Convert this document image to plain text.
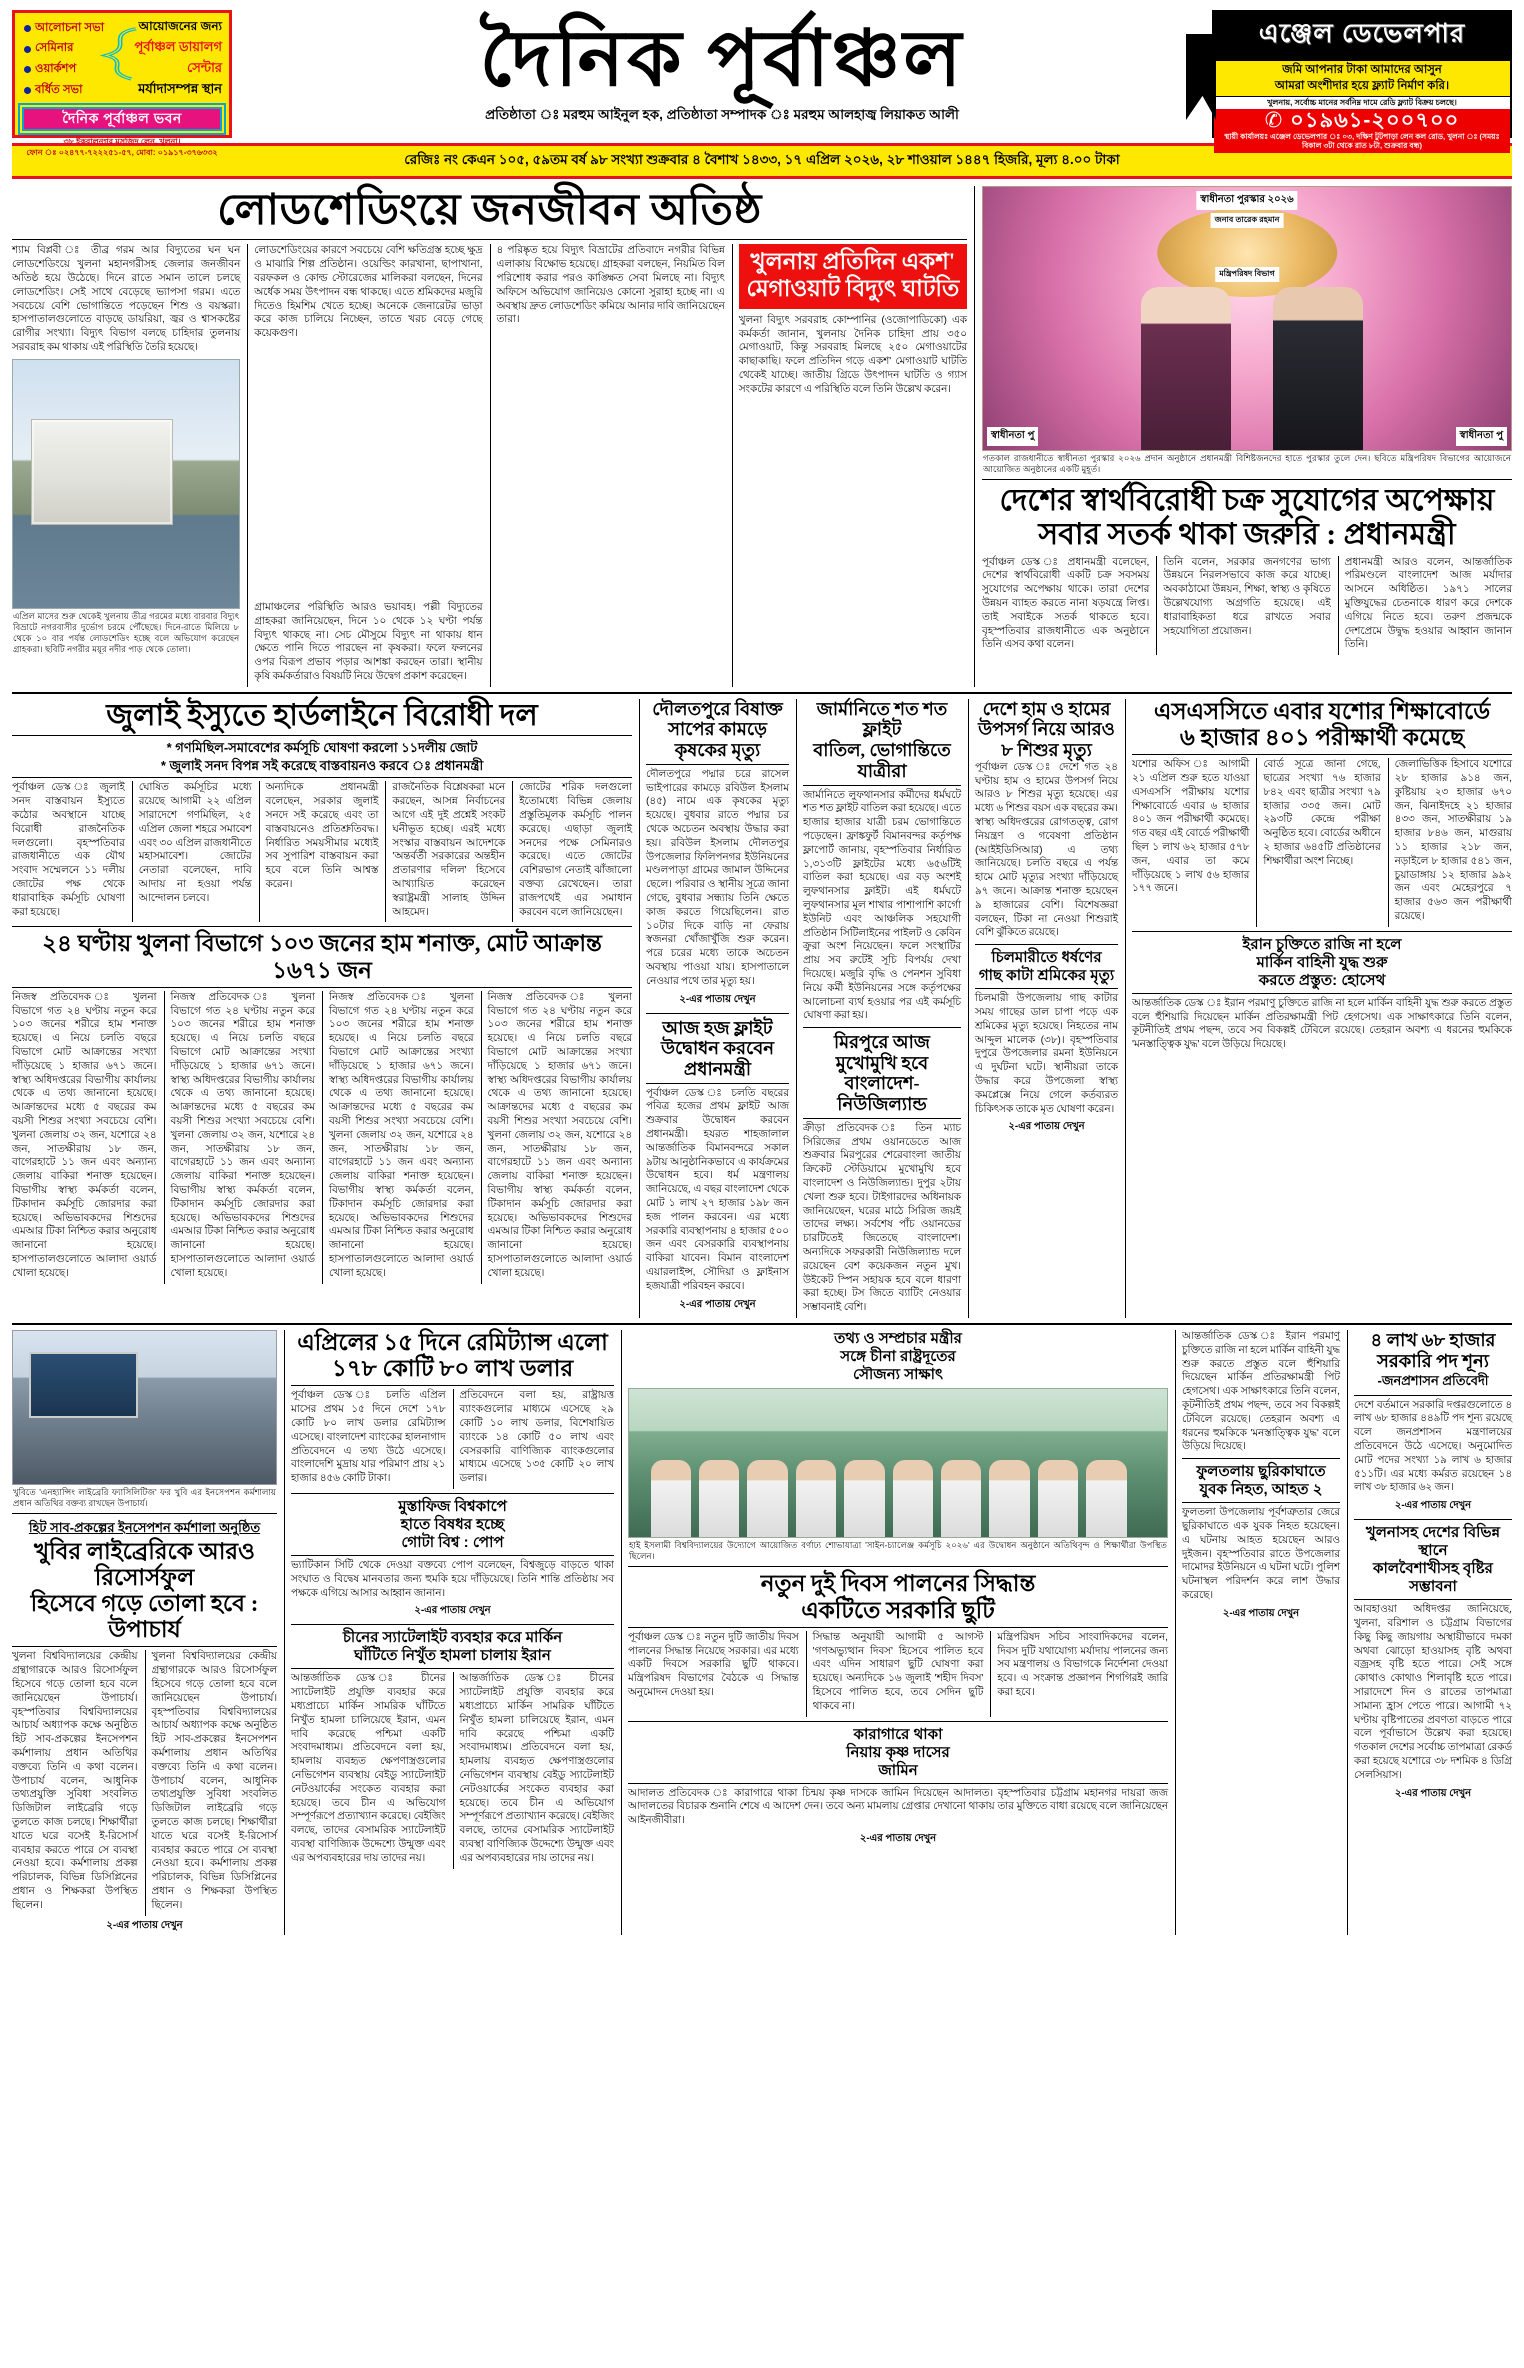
আলোচনা সভা
সেমিনার
ওয়ার্কশপ
বর্ধিত সভা
আয়োজনের জন্য
পূর্বাঞ্চল ডায়ালগ সেন্টার
মর্যাদাসম্পন্ন স্থান
দৈনিক পূর্বাঞ্চল ভবন
৩৮ ইকবালনগর মসজিদ লেন, খুলনা।
ফোন ঃ ০২৪৭৭-৭২২২৫১-৫৭, মোবা: ০১৯১৭-৩৭৬৩৩২
দৈনিক পূর্বাঞ্চল
প্রতিষ্ঠাতা ঃ মরহুম আইনুল হক, প্রতিষ্ঠাতা সম্পাদক ঃ মরহুম আলহাজ্ব লিয়াকত আলী
এঞ্জেল ডেভেলপার
জমি আপনার টাকা আমাদের আসুন
আমরা অংশীদার হয়ে ফ্ল্যাট নির্মাণ করি।
খুলনায়, সর্বোচ্চ মানের সর্বনিম্ন দামে রেডি ফ্ল্যাট বিক্রয় চলছে।
✆ ০১৯৬১-২০০৭০০
স্থায়ী কার্যালয়ঃ এঞ্জেল ডেভেলপার ঃ ০৩, দক্ষিণ টুটপাড়া লেন কল রোড, খুলনা ঃ (সময়ঃ বিকাল ৩টা থেকে রাত ৮টা, শুক্রবার বন্ধ)
রেজিঃ নং কেএন ১০৫, ৫৯তম বর্ষ ৯৮ সংখ্যা শুক্রবার ৪ বৈশাখ ১৪৩৩, ১৭ এপ্রিল ২০২৬, ২৮ শাওয়াল ১৪৪৭ হিজরি, মূল্য ৪.০০ টাকা
লোডশেডিংয়ে জনজীবন অতিষ্ঠ

শ্যাম বিপ্লবী ঃ তীব্র গরম আর বিদ্যুতের ঘন ঘন লোডশেডিংয়ে খুলনা মহানগরীসহ জেলার জনজীবন অতিষ্ঠ হয়ে উঠেছে। দিনে রাতে সমান তালে চলছে লোডশেডিং। সেই সাথে বেড়েছে ভ্যাপসা গরম। এতে সবচেয়ে বেশি ভোগান্তিতে পড়েছেন শিশু ও বয়স্করা। হাসপাতালগুলোতে বাড়ছে ডায়রিয়া, জ্বর ও শ্বাসকষ্টের রোগীর সংখ্যা। বিদ্যুৎ বিভাগ বলছে চাহিদার তুলনায় সরবরাহ কম থাকায় এই পরিস্থিতি তৈরি হয়েছে।

এপ্রিল মাসের শুরু থেকেই খুলনায় তীব্র গরমের মধ্যে বারবার বিদ্যুৎ বিভ্রাটে নগরবাসীর দুর্ভোগ চরমে পৌঁছেছে। দিনে-রাতে মিলিয়ে ৮ থেকে ১০ বার পর্যন্ত লোডশেডিং হচ্ছে বলে অভিযোগ করেছেন গ্রাহকরা। ছবিটি নগরীর ময়ূর নদীর পাড় থেকে তোলা।

লোডশেডিংয়ের কারণে সবচেয়ে বেশি ক্ষতিগ্রস্ত হচ্ছে ক্ষুদ্র ও মাঝারি শিল্প প্রতিষ্ঠান। ওয়েল্ডিং কারখানা, ছাপাখানা, বরফকল ও কোল্ড স্টোরেজের মালিকরা বলছেন, দিনের অর্ধেক সময় উৎপাদন বন্ধ থাকছে। এতে শ্রমিকদের মজুরি দিতেও হিমশিম খেতে হচ্ছে। অনেকে জেনারেটর ভাড়া করে কাজ চালিয়ে নিচ্ছেন, তাতে খরচ বেড়ে গেছে কয়েকগুণ।

গ্রামাঞ্চলের পরিস্থিতি আরও ভয়াবহ। পল্লী বিদ্যুতের গ্রাহকরা জানিয়েছেন, দিনে ১০ থেকে ১২ ঘণ্টা পর্যন্ত বিদ্যুৎ থাকছে না। সেচ মৌসুমে বিদ্যুৎ না থাকায় ধান ক্ষেতে পানি দিতে পারছেন না কৃষকরা। ফলে ফলনের ওপর বিরূপ প্রভাব পড়ার আশঙ্কা করছেন তারা। স্থানীয় কৃষি কর্মকর্তারাও বিষয়টি নিয়ে উদ্বেগ প্রকাশ করেছেন।

৪ পরিষ্কৃত হয়ে বিদ্যুৎ বিভ্রাটের প্রতিবাদে নগরীর বিভিন্ন এলাকায় বিক্ষোভ হয়েছে। গ্রাহকরা বলছেন, নিয়মিত বিল পরিশোধ করার পরও কাঙ্ক্ষিত সেবা মিলছে না। বিদ্যুৎ অফিসে অভিযোগ জানিয়েও কোনো সুরাহা হচ্ছে না। এ অবস্থায় দ্রুত লোডশেডিং কমিয়ে আনার দাবি জানিয়েছেন তারা।

খুলনায় প্রতিদিন একশ' মেগাওয়াট বিদ্যুৎ ঘাটতি

খুলনা বিদ্যুৎ সরবরাহ কোম্পানির (ওজোপাডিকো) এক কর্মকর্তা জানান, খুলনায় দৈনিক চাহিদা প্রায় ৩৫০ মেগাওয়াট, কিন্তু সরবরাহ মিলছে ২৫০ মেগাওয়াটের কাছাকাছি। ফলে প্রতিদিন গড়ে একশ' মেগাওয়াট ঘাটতি থেকেই যাচ্ছে। জাতীয় গ্রিডে উৎপাদন ঘাটতি ও গ্যাস সংকটের কারণে এ পরিস্থিতি বলে তিনি উল্লেখ করেন।

স্বাধীনতা পুরস্কার ২০২৬
জনাব তারেক রহমান
মন্ত্রিপরিষদ বিভাগ
স্বাধীনতা পু	স্বাধীনতা পু
গতকাল রাজধানীতে স্বাধীনতা পুরস্কার ২০২৬ প্রদান অনুষ্ঠানে প্রধানমন্ত্রী বিশিষ্টজনদের হাতে পুরস্কার তুলে দেন। ছবিতে মন্ত্রিপরিষদ বিভাগের আয়োজনে আয়োজিত অনুষ্ঠানের একটি মুহূর্ত।
দেশের স্বার্থবিরোধী চক্র সুযোগের অপেক্ষায়
সবার সতর্ক থাকা জরুরি : প্রধানমন্ত্রী

পূর্বাঞ্চল ডেস্ক ঃ প্রধানমন্ত্রী বলেছেন, দেশের স্বার্থবিরোধী একটি চক্র সবসময় সুযোগের অপেক্ষায় থাকে। তারা দেশের উন্নয়ন ব্যাহত করতে নানা ষড়যন্ত্রে লিপ্ত। তাই সবাইকে সতর্ক থাকতে হবে। বৃহস্পতিবার রাজধানীতে এক অনুষ্ঠানে তিনি এসব কথা বলেন।

তিনি বলেন, সরকার জনগণের ভাগ্য উন্নয়নে নিরলসভাবে কাজ করে যাচ্ছে। অবকাঠামো উন্নয়ন, শিক্ষা, স্বাস্থ্য ও কৃষিতে উল্লেখযোগ্য অগ্রগতি হয়েছে। এই ধারাবাহিকতা ধরে রাখতে সবার সহযোগিতা প্রয়োজন।

প্রধানমন্ত্রী আরও বলেন, আন্তর্জাতিক পরিমণ্ডলে বাংলাদেশ আজ মর্যাদার আসনে অধিষ্ঠিত। ১৯৭১ সালের মুক্তিযুদ্ধের চেতনাকে ধারণ করে দেশকে এগিয়ে নিতে হবে। তরুণ প্রজন্মকে দেশপ্রেমে উদ্বুদ্ধ হওয়ার আহ্বান জানান তিনি।

জুলাই ইস্যুতে হার্ডলাইনে বিরোধী দল
* গণমিছিল-সমাবেশের কর্মসূচি ঘোষণা করলো ১১দলীয় জোট
* জুলাই সনদ বিপন্ন সই করেছে বাস্তবায়নও করবে ঃ প্রধানমন্ত্রী

পূর্বাঞ্চল ডেস্ক ঃ জুলাই সনদ বাস্তবায়ন ইস্যুতে কঠোর অবস্থানে যাচ্ছে বিরোধী রাজনৈতিক দলগুলো। বৃহস্পতিবার রাজধানীতে এক যৌথ সংবাদ সম্মেলনে ১১ দলীয় জোটের পক্ষ থেকে ধারাবাহিক কর্মসূচি ঘোষণা করা হয়েছে।

ঘোষিত কর্মসূচির মধ্যে রয়েছে আগামী ২২ এপ্রিল সারাদেশে গণমিছিল, ২৫ এপ্রিল জেলা শহরে সমাবেশ এবং ৩০ এপ্রিল রাজধানীতে মহাসমাবেশ। জোটের নেতারা বলেছেন, দাবি আদায় না হওয়া পর্যন্ত আন্দোলন চলবে।

অন্যদিকে প্রধানমন্ত্রী বলেছেন, সরকার জুলাই সনদে সই করেছে এবং তা বাস্তবায়নেও প্রতিশ্রুতিবদ্ধ। নির্ধারিত সময়সীমার মধ্যেই সব সুপারিশ বাস্তবায়ন করা হবে বলে তিনি আশ্বস্ত করেন।

রাজনৈতিক বিশ্লেষকরা মনে করছেন, আসন্ন নির্বাচনের আগে এই দুই প্রশ্নেই সংকট ঘনীভূত হচ্ছে। এরই মধ্যে সংস্কার বাস্তবায়ন আদেশকে 'অন্তর্বর্তী সরকারের অন্তহীন প্রতারণার দলিল' হিসেবে আখ্যায়িত করেছেন স্বরাষ্ট্রমন্ত্রী সালাহ উদ্দিন আহমেদ।

জোটের শরিক দলগুলো ইতোমধ্যে বিভিন্ন জেলায় প্রস্তুতিমূলক কর্মসূচি পালন করেছে। এছাড়া জুলাই সনদের পক্ষে সেমিনারও করেছে। এতে জোটের বেশিরভাগ নেতাই ঝাঁজালো বক্তব্য রেখেছেন। তারা রাজপথেই এর সমাধান করবেন বলে জানিয়েছেন।

২৪ ঘণ্টায় খুলনা বিভাগে ১০৩ জনের হাম শনাক্ত, মোট আক্রান্ত ১৬৭১ জন

নিজস্ব প্রতিবেদক ঃ খুলনা বিভাগে গত ২৪ ঘণ্টায় নতুন করে ১০৩ জনের শরীরে হাম শনাক্ত হয়েছে। এ নিয়ে চলতি বছরে বিভাগে মোট আক্রান্তের সংখ্যা দাঁড়িয়েছে ১ হাজার ৬৭১ জনে। স্বাস্থ্য অধিদপ্তরের বিভাগীয় কার্যালয় থেকে এ তথ্য জানানো হয়েছে। আক্রান্তদের মধ্যে ৫ বছরের কম বয়সী শিশুর সংখ্যা সবচেয়ে বেশি। খুলনা জেলায় ৩২ জন, যশোরে ২৪ জন, সাতক্ষীরায় ১৮ জন, বাগেরহাটে ১১ জন এবং অন্যান্য জেলায় বাকিরা শনাক্ত হয়েছেন। বিভাগীয় স্বাস্থ্য কর্মকর্তা বলেন, টিকাদান কর্মসূচি জোরদার করা হয়েছে। অভিভাবকদের শিশুদের এমআর টিকা নিশ্চিত করার অনুরোধ জানানো হয়েছে। হাসপাতালগুলোতে আলাদা ওয়ার্ড খোলা হয়েছে।

নিজস্ব প্রতিবেদক ঃ খুলনা বিভাগে গত ২৪ ঘণ্টায় নতুন করে ১০৩ জনের শরীরে হাম শনাক্ত হয়েছে। এ নিয়ে চলতি বছরে বিভাগে মোট আক্রান্তের সংখ্যা দাঁড়িয়েছে ১ হাজার ৬৭১ জনে। স্বাস্থ্য অধিদপ্তরের বিভাগীয় কার্যালয় থেকে এ তথ্য জানানো হয়েছে। আক্রান্তদের মধ্যে ৫ বছরের কম বয়সী শিশুর সংখ্যা সবচেয়ে বেশি। খুলনা জেলায় ৩২ জন, যশোরে ২৪ জন, সাতক্ষীরায় ১৮ জন, বাগেরহাটে ১১ জন এবং অন্যান্য জেলায় বাকিরা শনাক্ত হয়েছেন। বিভাগীয় স্বাস্থ্য কর্মকর্তা বলেন, টিকাদান কর্মসূচি জোরদার করা হয়েছে। অভিভাবকদের শিশুদের এমআর টিকা নিশ্চিত করার অনুরোধ জানানো হয়েছে। হাসপাতালগুলোতে আলাদা ওয়ার্ড খোলা হয়েছে।

নিজস্ব প্রতিবেদক ঃ খুলনা বিভাগে গত ২৪ ঘণ্টায় নতুন করে ১০৩ জনের শরীরে হাম শনাক্ত হয়েছে। এ নিয়ে চলতি বছরে বিভাগে মোট আক্রান্তের সংখ্যা দাঁড়িয়েছে ১ হাজার ৬৭১ জনে। স্বাস্থ্য অধিদপ্তরের বিভাগীয় কার্যালয় থেকে এ তথ্য জানানো হয়েছে। আক্রান্তদের মধ্যে ৫ বছরের কম বয়সী শিশুর সংখ্যা সবচেয়ে বেশি। খুলনা জেলায় ৩২ জন, যশোরে ২৪ জন, সাতক্ষীরায় ১৮ জন, বাগেরহাটে ১১ জন এবং অন্যান্য জেলায় বাকিরা শনাক্ত হয়েছেন। বিভাগীয় স্বাস্থ্য কর্মকর্তা বলেন, টিকাদান কর্মসূচি জোরদার করা হয়েছে। অভিভাবকদের শিশুদের এমআর টিকা নিশ্চিত করার অনুরোধ জানানো হয়েছে। হাসপাতালগুলোতে আলাদা ওয়ার্ড খোলা হয়েছে।

নিজস্ব প্রতিবেদক ঃ খুলনা বিভাগে গত ২৪ ঘণ্টায় নতুন করে ১০৩ জনের শরীরে হাম শনাক্ত হয়েছে। এ নিয়ে চলতি বছরে বিভাগে মোট আক্রান্তের সংখ্যা দাঁড়িয়েছে ১ হাজার ৬৭১ জনে। স্বাস্থ্য অধিদপ্তরের বিভাগীয় কার্যালয় থেকে এ তথ্য জানানো হয়েছে। আক্রান্তদের মধ্যে ৫ বছরের কম বয়সী শিশুর সংখ্যা সবচেয়ে বেশি। খুলনা জেলায় ৩২ জন, যশোরে ২৪ জন, সাতক্ষীরায় ১৮ জন, বাগেরহাটে ১১ জন এবং অন্যান্য জেলায় বাকিরা শনাক্ত হয়েছেন। বিভাগীয় স্বাস্থ্য কর্মকর্তা বলেন, টিকাদান কর্মসূচি জোরদার করা হয়েছে। অভিভাবকদের শিশুদের এমআর টিকা নিশ্চিত করার অনুরোধ জানানো হয়েছে। হাসপাতালগুলোতে আলাদা ওয়ার্ড খোলা হয়েছে।

দৌলতপুরে বিষাক্ত সাপের কামড়ে কৃষকের মৃত্যু

দৌলতপুরে পদ্মার চরে রাসেল ভাইপারের কামড়ে রবিউল ইসলাম (৪৫) নামে এক কৃষকের মৃত্যু হয়েছে। বুধবার রাতে পদ্মার চর থেকে অচেতন অবস্থায় উদ্ধার করা হয়। রবিউল ইসলাম দৌলতপুর উপজেলার ফিলিপনগর ইউনিয়নের মণ্ডলপাড়া গ্রামের জামাল উদ্দিনের ছেলে। পরিবার ও স্থানীয় সূত্রে জানা গেছে, বুধবার সন্ধ্যায় তিনি ক্ষেতে কাজ করতে গিয়েছিলেন। রাত ১০টার দিকে বাড়ি না ফেরায় স্বজনরা খোঁজাখুঁজি শুরু করেন। পরে চরের মধ্যে তাকে অচেতন অবস্থায় পাওয়া যায়। হাসপাতালে নেওয়ার পথে তার মৃত্যু হয়।

২-এর পাতায় দেখুন
আজ হজ ফ্লাইট উদ্বোধন করবেন প্রধানমন্ত্রী

পূর্বাঞ্চল ডেস্ক ঃ চলতি বছরের পবিত্র হজের প্রথম ফ্লাইট আজ শুক্রবার উদ্বোধন করবেন প্রধানমন্ত্রী। হযরত শাহজালাল আন্তর্জাতিক বিমানবন্দরে সকাল ৯টায় আনুষ্ঠানিকভাবে এ কার্যক্রমের উদ্বোধন হবে। ধর্ম মন্ত্রণালয় জানিয়েছে, এ বছর বাংলাদেশ থেকে মোট ১ লাখ ২৭ হাজার ১৯৮ জন হজ পালন করবেন। এর মধ্যে সরকারি ব্যবস্থাপনায় ৪ হাজার ৫০০ জন এবং বেসরকারি ব্যবস্থাপনায় বাকিরা যাবেন। বিমান বাংলাদেশ এয়ারলাইন্স, সৌদিয়া ও ফ্লাইনাস হজযাত্রী পরিবহন করবে।

২-এর পাতায় দেখুন
জার্মানিতে শত শত ফ্লাইট
বাতিল, ভোগান্তিতে যাত্রীরা

জার্মানিতে লুফথানসার কর্মীদের ধর্মঘটে শত শত ফ্লাইট বাতিল করা হয়েছে। এতে হাজার হাজার যাত্রী চরম ভোগান্তিতে পড়েছেন। ফ্রাঙ্কফুর্ট বিমানবন্দর কর্তৃপক্ষ ফ্লাপোর্ট জানায়, বৃহস্পতিবার নির্ধারিত ১,৩১৩টি ফ্লাইটের মধ্যে ৬৫৬টিই বাতিল করা হয়েছে। এর বড় অংশই লুফথানসার ফ্লাইট। এই ধর্মঘটে লুফথানসার মূল শাখার পাশাপাশি কার্গো ইউনিট এবং আঞ্চলিক সহযোগী প্রতিষ্ঠান সিটিলাইনের পাইলট ও কেবিন ক্রুরা অংশ নিয়েছেন। ফলে সংস্থাটির প্রায় সব রুটেই সূচি বিপর্যয় দেখা দিয়েছে। মজুরি বৃদ্ধি ও পেনশন সুবিধা নিয়ে কর্মী ইউনিয়নের সঙ্গে কর্তৃপক্ষের আলোচনা ব্যর্থ হওয়ার পর এই কর্মসূচি ঘোষণা করা হয়।

মিরপুরে আজ মুখোমুখি হবে
বাংলাদেশ-নিউজিল্যান্ড

ক্রীড়া প্রতিবেদক ঃ তিন ম্যাচ সিরিজের প্রথম ওয়ানডেতে আজ শুক্রবার মিরপুরের শেরেবাংলা জাতীয় ক্রিকেট স্টেডিয়ামে মুখোমুখি হবে বাংলাদেশ ও নিউজিল্যান্ড। দুপুর ২টায় খেলা শুরু হবে। টাইগারদের অধিনায়ক জানিয়েছেন, ঘরের মাঠে সিরিজ জয়ই তাদের লক্ষ্য। সর্বশেষ পাঁচ ওয়ানডের চারটিতেই জিতেছে বাংলাদেশ। অন্যদিকে সফরকারী নিউজিল্যান্ড দলে রয়েছেন বেশ কয়েকজন নতুন মুখ। উইকেট স্পিন সহায়ক হবে বলে ধারণা করা হচ্ছে। টস জিতে ব্যাটিং নেওয়ার সম্ভাবনাই বেশি।

দেশে হাম ও হামের
উপসর্গ নিয়ে আরও
৮ শিশুর মৃত্যু

পূর্বাঞ্চল ডেস্ক ঃ দেশে গত ২৪ ঘণ্টায় হাম ও হামের উপসর্গ নিয়ে আরও ৮ শিশুর মৃত্যু হয়েছে। এর মধ্যে ৬ শিশুর বয়স এক বছরের কম। স্বাস্থ্য অধিদপ্তরের রোগতত্ত্ব, রোগ নিয়ন্ত্রণ ও গবেষণা প্রতিষ্ঠান (আইইডিসিআর) এ তথ্য জানিয়েছে। চলতি বছরে এ পর্যন্ত হামে মোট মৃত্যুর সংখ্যা দাঁড়িয়েছে ৯৭ জনে। আক্রান্ত শনাক্ত হয়েছেন ৯ হাজারের বেশি। বিশেষজ্ঞরা বলছেন, টিকা না নেওয়া শিশুরাই বেশি ঝুঁকিতে রয়েছে।

চিলমারীতে ধর্ষণের
গাছ কাটা শ্রমিকের মৃত্যু

চিলমারী উপজেলায় গাছ কাটার সময় গাছের ডাল চাপা পড়ে এক শ্রমিকের মৃত্যু হয়েছে। নিহতের নাম আব্দুল মালেক (৩৮)। বৃহস্পতিবার দুপুরে উপজেলার রমনা ইউনিয়নে এ দুর্ঘটনা ঘটে। স্থানীয়রা তাকে উদ্ধার করে উপজেলা স্বাস্থ্য কমপ্লেক্সে নিয়ে গেলে কর্তব্যরত চিকিৎসক তাকে মৃত ঘোষণা করেন।

২-এর পাতায় দেখুন
এসএসসিতে এবার যশোর শিক্ষাবোর্ডে
৬ হাজার ৪০১ পরীক্ষার্থী কমেছে

যশোর অফিস ঃ আগামী ২১ এপ্রিল শুরু হতে যাওয়া এসএসসি পরীক্ষায় যশোর শিক্ষাবোর্ডে এবার ৬ হাজার ৪০১ জন পরীক্ষার্থী কমেছে। গত বছর এই বোর্ডে পরীক্ষার্থী ছিল ১ লাখ ৬২ হাজার ৫৭৮ জন, এবার তা কমে দাঁড়িয়েছে ১ লাখ ৫৬ হাজার ১৭৭ জনে।

বোর্ড সূত্রে জানা গেছে, ছাত্রের সংখ্যা ৭৬ হাজার ৮৪২ এবং ছাত্রীর সংখ্যা ৭৯ হাজার ৩৩৫ জন। মোট ২৯৩টি কেন্দ্রে পরীক্ষা অনুষ্ঠিত হবে। বোর্ডের অধীনে ২ হাজার ৬৪৫টি প্রতিষ্ঠানের শিক্ষার্থীরা অংশ নিচ্ছে।

জেলাভিত্তিক হিসাবে যশোরে ২৮ হাজার ৯১৪ জন, কুষ্টিয়ায় ২৩ হাজার ৬৭০ জন, ঝিনাইদহে ২১ হাজার ৪৩৩ জন, সাতক্ষীরায় ১৯ হাজার ৮৪৬ জন, মাগুরায় ১১ হাজার ২১৮ জন, নড়াইলে ৮ হাজার ৫৪১ জন, চুয়াডাঙ্গায় ১২ হাজার ৯৯২ জন এবং মেহেরপুরে ৭ হাজার ৫৬৩ জন পরীক্ষার্থী রয়েছে।

ইরান চুক্তিতে রাজি না হলে
মার্কিন বাহিনী যুদ্ধ শুরু
করতে প্রস্তুত: হোসেথ

আন্তর্জাতিক ডেস্ক ঃ ইরান পরমাণু চুক্তিতে রাজি না হলে মার্কিন বাহিনী যুদ্ধ শুরু করতে প্রস্তুত বলে হুঁশিয়ারি দিয়েছেন মার্কিন প্রতিরক্ষামন্ত্রী পিট হেগসেথ। এক সাক্ষাৎকারে তিনি বলেন, কূটনীতিই প্রথম পছন্দ, তবে সব বিকল্পই টেবিলে রয়েছে। তেহরান অবশ্য এ ধরনের হুমকিকে 'মনস্তাত্ত্বিক যুদ্ধ' বলে উড়িয়ে দিয়েছে।

খুবিতে 'এনহ্যান্সিং লাইব্রেরি ফ্যাসিলিটিজ' ফর খুবি এর ইনসেপশন কর্মশালায় প্রধান অতিথির বক্তব্য রাখছেন উপাচার্য।
হিট সাব-প্রকল্পের ইনসেপশন কর্মশালা অনুষ্ঠিত
খুবির লাইব্রেরিকে আরও রিসোর্সফুল
হিসেবে গড়ে তোলা হবে : উপাচার্য

খুলনা বিশ্ববিদ্যালয়ের কেন্দ্রীয় গ্রন্থাগারকে আরও রিসোর্সফুল হিসেবে গড়ে তোলা হবে বলে জানিয়েছেন উপাচার্য। বৃহস্পতিবার বিশ্ববিদ্যালয়ের আচার্য অধ্যাপক কক্ষে অনুষ্ঠিত হিট সাব-প্রকল্পের ইনসেপশন কর্মশালায় প্রধান অতিথির বক্তব্যে তিনি এ কথা বলেন। উপাচার্য বলেন, আধুনিক তথ্যপ্রযুক্তি সুবিধা সংবলিত ডিজিটাল লাইব্রেরি গড়ে তুলতে কাজ চলছে। শিক্ষার্থীরা যাতে ঘরে বসেই ই-রিসোর্স ব্যবহার করতে পারে সে ব্যবস্থা নেওয়া হবে। কর্মশালায় প্রকল্প পরিচালক, বিভিন্ন ডিসিপ্লিনের প্রধান ও শিক্ষকরা উপস্থিত ছিলেন।

খুলনা বিশ্ববিদ্যালয়ের কেন্দ্রীয় গ্রন্থাগারকে আরও রিসোর্সফুল হিসেবে গড়ে তোলা হবে বলে জানিয়েছেন উপাচার্য। বৃহস্পতিবার বিশ্ববিদ্যালয়ের আচার্য অধ্যাপক কক্ষে অনুষ্ঠিত হিট সাব-প্রকল্পের ইনসেপশন কর্মশালায় প্রধান অতিথির বক্তব্যে তিনি এ কথা বলেন। উপাচার্য বলেন, আধুনিক তথ্যপ্রযুক্তি সুবিধা সংবলিত ডিজিটাল লাইব্রেরি গড়ে তুলতে কাজ চলছে। শিক্ষার্থীরা যাতে ঘরে বসেই ই-রিসোর্স ব্যবহার করতে পারে সে ব্যবস্থা নেওয়া হবে। কর্মশালায় প্রকল্প পরিচালক, বিভিন্ন ডিসিপ্লিনের প্রধান ও শিক্ষকরা উপস্থিত ছিলেন।

২-এর পাতায় দেখুন
এপ্রিলের ১৫ দিনে রেমিট্যান্স এলো
১৭৮ কোটি ৮০ লাখ ডলার

পূর্বাঞ্চল ডেস্ক ঃ চলতি এপ্রিল মাসের প্রথম ১৫ দিনে দেশে ১৭৮ কোটি ৮০ লাখ ডলার রেমিট্যান্স এসেছে। বাংলাদেশ ব্যাংকের হালনাগাদ প্রতিবেদনে এ তথ্য উঠে এসেছে। বাংলাদেশি মুদ্রায় যার পরিমাণ প্রায় ২১ হাজার ৪৫৬ কোটি টাকা।

প্রতিবেদনে বলা হয়, রাষ্ট্রায়ত্ত ব্যাংকগুলোর মাধ্যমে এসেছে ২৯ কোটি ১০ লাখ ডলার, বিশেষায়িত ব্যাংকে ১৪ কোটি ৫০ লাখ এবং বেসরকারি বাণিজ্যিক ব্যাংকগুলোর মাধ্যমে এসেছে ১৩৫ কোটি ২০ লাখ ডলার।

মুস্তাফিজ বিশ্বকাপে
হাতে বিষধর হচ্ছে
গোটা বিশ্ব : পোপ

ভ্যাটিকান সিটি থেকে দেওয়া বক্তব্যে পোপ বলেছেন, বিশ্বজুড়ে বাড়তে থাকা সংঘাত ও বিদ্বেষ মানবতার জন্য হুমকি হয়ে দাঁড়িয়েছে। তিনি শান্তি প্রতিষ্ঠায় সব পক্ষকে এগিয়ে আসার আহ্বান জানান।

২-এর পাতায় দেখুন
চীনের স্যাটেলাইট ব্যবহার করে মার্কিন
ঘাঁটিতে নিখুঁত হামলা চালায় ইরান

আন্তর্জাতিক ডেস্ক ঃ চীনের স্যাটেলাইট প্রযুক্তি ব্যবহার করে মধ্যপ্রাচ্যে মার্কিন সামরিক ঘাঁটিতে নিখুঁত হামলা চালিয়েছে ইরান, এমন দাবি করেছে পশ্চিমা একটি সংবাদমাধ্যম। প্রতিবেদনে বলা হয়, হামলায় ব্যবহৃত ক্ষেপণাস্ত্রগুলোর নেভিগেশন ব্যবস্থায় বেইডু স্যাটেলাইট নেটওয়ার্কের সংকেত ব্যবহার করা হয়েছে। তবে চীন এ অভিযোগ সম্পূর্ণরূপে প্রত্যাখ্যান করেছে। বেইজিং বলছে, তাদের বেসামরিক স্যাটেলাইট ব্যবস্থা বাণিজ্যিক উদ্দেশ্যে উন্মুক্ত এবং এর অপব্যবহারের দায় তাদের নয়।

আন্তর্জাতিক ডেস্ক ঃ চীনের স্যাটেলাইট প্রযুক্তি ব্যবহার করে মধ্যপ্রাচ্যে মার্কিন সামরিক ঘাঁটিতে নিখুঁত হামলা চালিয়েছে ইরান, এমন দাবি করেছে পশ্চিমা একটি সংবাদমাধ্যম। প্রতিবেদনে বলা হয়, হামলায় ব্যবহৃত ক্ষেপণাস্ত্রগুলোর নেভিগেশন ব্যবস্থায় বেইডু স্যাটেলাইট নেটওয়ার্কের সংকেত ব্যবহার করা হয়েছে। তবে চীন এ অভিযোগ সম্পূর্ণরূপে প্রত্যাখ্যান করেছে। বেইজিং বলছে, তাদের বেসামরিক স্যাটেলাইট ব্যবস্থা বাণিজ্যিক উদ্দেশ্যে উন্মুক্ত এবং এর অপব্যবহারের দায় তাদের নয়।

তথ্য ও সম্প্রচার মন্ত্রীর
সঙ্গে চীনা রাষ্ট্রদূতের
সৌজন্য সাক্ষাৎ
হাই ইসলামী বিশ্ববিদ্যালয়ের উদ্যোগে আয়োজিত বর্ণাঢ্য শোভাযাত্রা 'সাইন-চ্যালেঞ্জ কর্মসূচি ২০২৬' এর উদ্বোধন অনুষ্ঠানে অতিথিবৃন্দ ও শিক্ষার্থীরা উপস্থিত ছিলেন।
নতুন দুই দিবস পালনের সিদ্ধান্ত
একটিতে সরকারি ছুটি

পূর্বাঞ্চল ডেস্ক ঃ নতুন দুটি জাতীয় দিবস পালনের সিদ্ধান্ত নিয়েছে সরকার। এর মধ্যে একটি দিবসে সরকারি ছুটি থাকবে। মন্ত্রিপরিষদ বিভাগের বৈঠকে এ সিদ্ধান্ত অনুমোদন দেওয়া হয়।

সিদ্ধান্ত অনুযায়ী আগামী ৫ আগস্ট 'গণঅভ্যুত্থান দিবস' হিসেবে পালিত হবে এবং এদিন সাধারণ ছুটি ঘোষণা করা হয়েছে। অন্যদিকে ১৬ জুলাই 'শহীদ দিবস' হিসেবে পালিত হবে, তবে সেদিন ছুটি থাকবে না।

মন্ত্রিপরিষদ সচিব সাংবাদিকদের বলেন, দিবস দুটি যথাযোগ্য মর্যাদায় পালনের জন্য সব মন্ত্রণালয় ও বিভাগকে নির্দেশনা দেওয়া হবে। এ সংক্রান্ত প্রজ্ঞাপন শিগগিরই জারি করা হবে।

কারাগারে থাকা
নিয়ায় কৃষ্ণ দাসের
জামিন

আদালত প্রতিবেদক ঃ কারাগারে থাকা চিন্ময় কৃষ্ণ দাসকে জামিন দিয়েছেন আদালত। বৃহস্পতিবার চট্টগ্রাম মহানগর দায়রা জজ আদালতের বিচারক শুনানি শেষে এ আদেশ দেন। তবে অন্য মামলায় গ্রেপ্তার দেখানো থাকায় তার মুক্তিতে বাধা রয়েছে বলে জানিয়েছেন আইনজীবীরা।

২-এর পাতায় দেখুন

আন্তর্জাতিক ডেস্ক ঃ ইরান পরমাণু চুক্তিতে রাজি না হলে মার্কিন বাহিনী যুদ্ধ শুরু করতে প্রস্তুত বলে হুঁশিয়ারি দিয়েছেন মার্কিন প্রতিরক্ষামন্ত্রী পিট হেগসেথ। এক সাক্ষাৎকারে তিনি বলেন, কূটনীতিই প্রথম পছন্দ, তবে সব বিকল্পই টেবিলে রয়েছে। তেহরান অবশ্য এ ধরনের হুমকিকে 'মনস্তাত্ত্বিক যুদ্ধ' বলে উড়িয়ে দিয়েছে।

ফুলতলায় ছুরিকাঘাতে
যুবক নিহত, আহত ২

ফুলতলা উপজেলায় পূর্বশত্রুতার জেরে ছুরিকাঘাতে এক যুবক নিহত হয়েছেন। এ ঘটনায় আহত হয়েছেন আরও দুইজন। বৃহস্পতিবার রাতে উপজেলার দামোদর ইউনিয়নে এ ঘটনা ঘটে। পুলিশ ঘটনাস্থল পরিদর্শন করে লাশ উদ্ধার করেছে।

২-এর পাতায় দেখুন
৪ লাখ ৬৮ হাজার
সরকারি পদ শূন্য
-জনপ্রশাসন প্রতিবেদী

দেশে বর্তমানে সরকারি দপ্তরগুলোতে ৪ লাখ ৬৮ হাজার ৪৪৯টি পদ শূন্য রয়েছে বলে জনপ্রশাসন মন্ত্রণালয়ের প্রতিবেদনে উঠে এসেছে। অনুমোদিত মোট পদের সংখ্যা ১৯ লাখ ৬ হাজার ৫১১টি। এর মধ্যে কর্মরত রয়েছেন ১৪ লাখ ৩৮ হাজার ৬২ জন।

২-এর পাতায় দেখুন
খুলনাসহ দেশের বিভিন্ন স্থানে
কালবৈশাখীসহ বৃষ্টির সম্ভাবনা

আবহাওয়া অধিদপ্তর জানিয়েছে, খুলনা, বরিশাল ও চট্টগ্রাম বিভাগের কিছু কিছু জায়গায় অস্থায়ীভাবে দমকা অথবা ঝোড়ো হাওয়াসহ বৃষ্টি অথবা বজ্রসহ বৃষ্টি হতে পারে। সেই সঙ্গে কোথাও কোথাও শিলাবৃষ্টি হতে পারে। সারাদেশে দিন ও রাতের তাপমাত্রা সামান্য হ্রাস পেতে পারে। আগামী ৭২ ঘণ্টায় বৃষ্টিপাতের প্রবণতা বাড়তে পারে বলে পূর্বাভাসে উল্লেখ করা হয়েছে। গতকাল দেশের সর্বোচ্চ তাপমাত্রা রেকর্ড করা হয়েছে যশোরে ৩৮ দশমিক ৪ ডিগ্রি সেলসিয়াস।

২-এর পাতায় দেখুন
